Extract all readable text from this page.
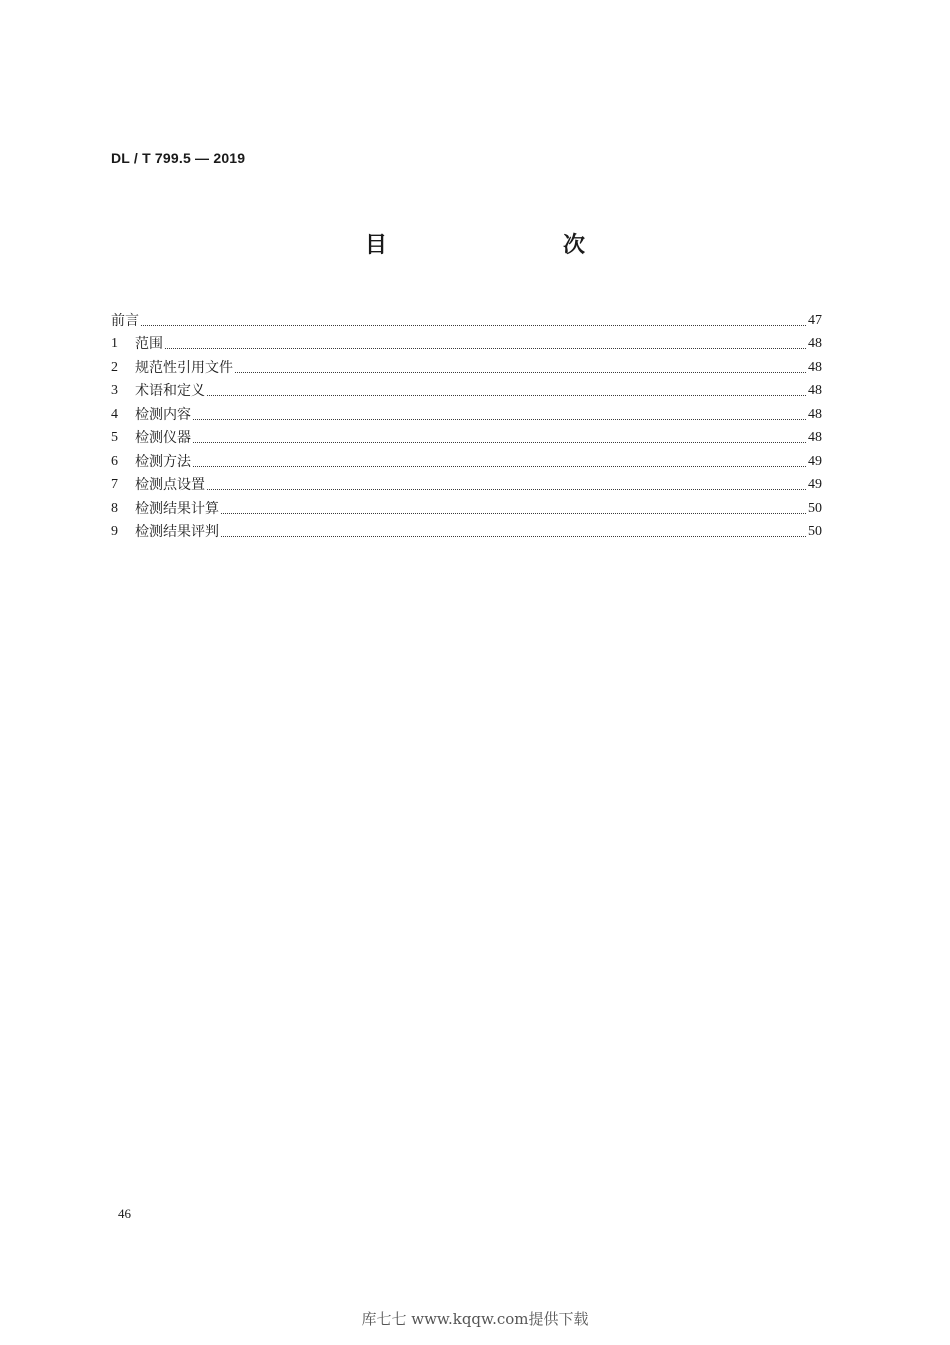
DL / T 799.5 — 2019
目　　次
前言	47
1	范围	48
2	规范性引用文件	48
3	术语和定义	48
4	检测内容	48
5	检测仪器	48
6	检测方法	49
7	检测点设置	49
8	检测结果计算	50
9	检测结果评判	50
46
库七七 www.kqqw.com提供下载
